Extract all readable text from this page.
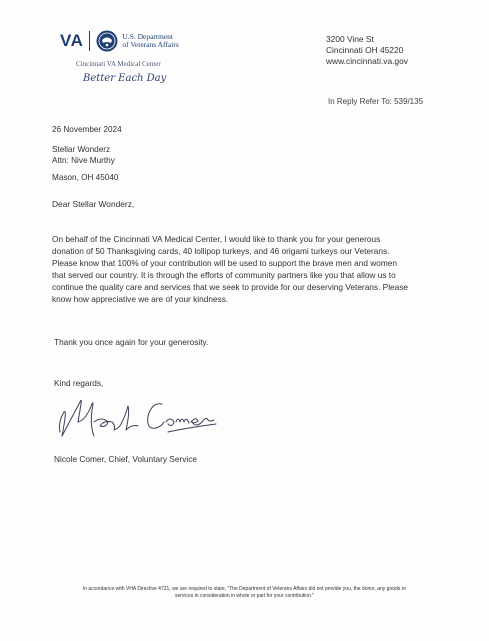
VA	U.S. Department
of Veterans Affairs
Cincinnati VA Medical Center
Better Each Day
3200 Vine St
Cincinnati OH 45220
www.cincinnati.va.gov
In Reply Refer To: 539/135
26 November 2024
Stellar Wonderz
Attn: Nive Murthy
Mason, OH 45040
Dear Stellar Wonderz,
On behalf of the Cincinnati VA Medical Center, I would like to thank you for your generous
donation of 50 Thanksgiving cards, 40 lollipop turkeys, and 46 origami turkeys our Veterans.
Please know that 100% of your contribution will be used to support the brave men and women
that served our country. It is through the efforts of community partners like you that allow us to
continue the quality care and services that we seek to provide for our deserving Veterans. Please
know how appreciative we are of your kindness.
Thank you once again for your generosity.
Kind regards,
Nicole Comer, Chief, Voluntary Service
In accordance with VHA Directive 4721, we are required to state, "The Department of Veterans Affairs did not provide you, the donor, any goods or
services in consideration in whole or part for your contribution."
